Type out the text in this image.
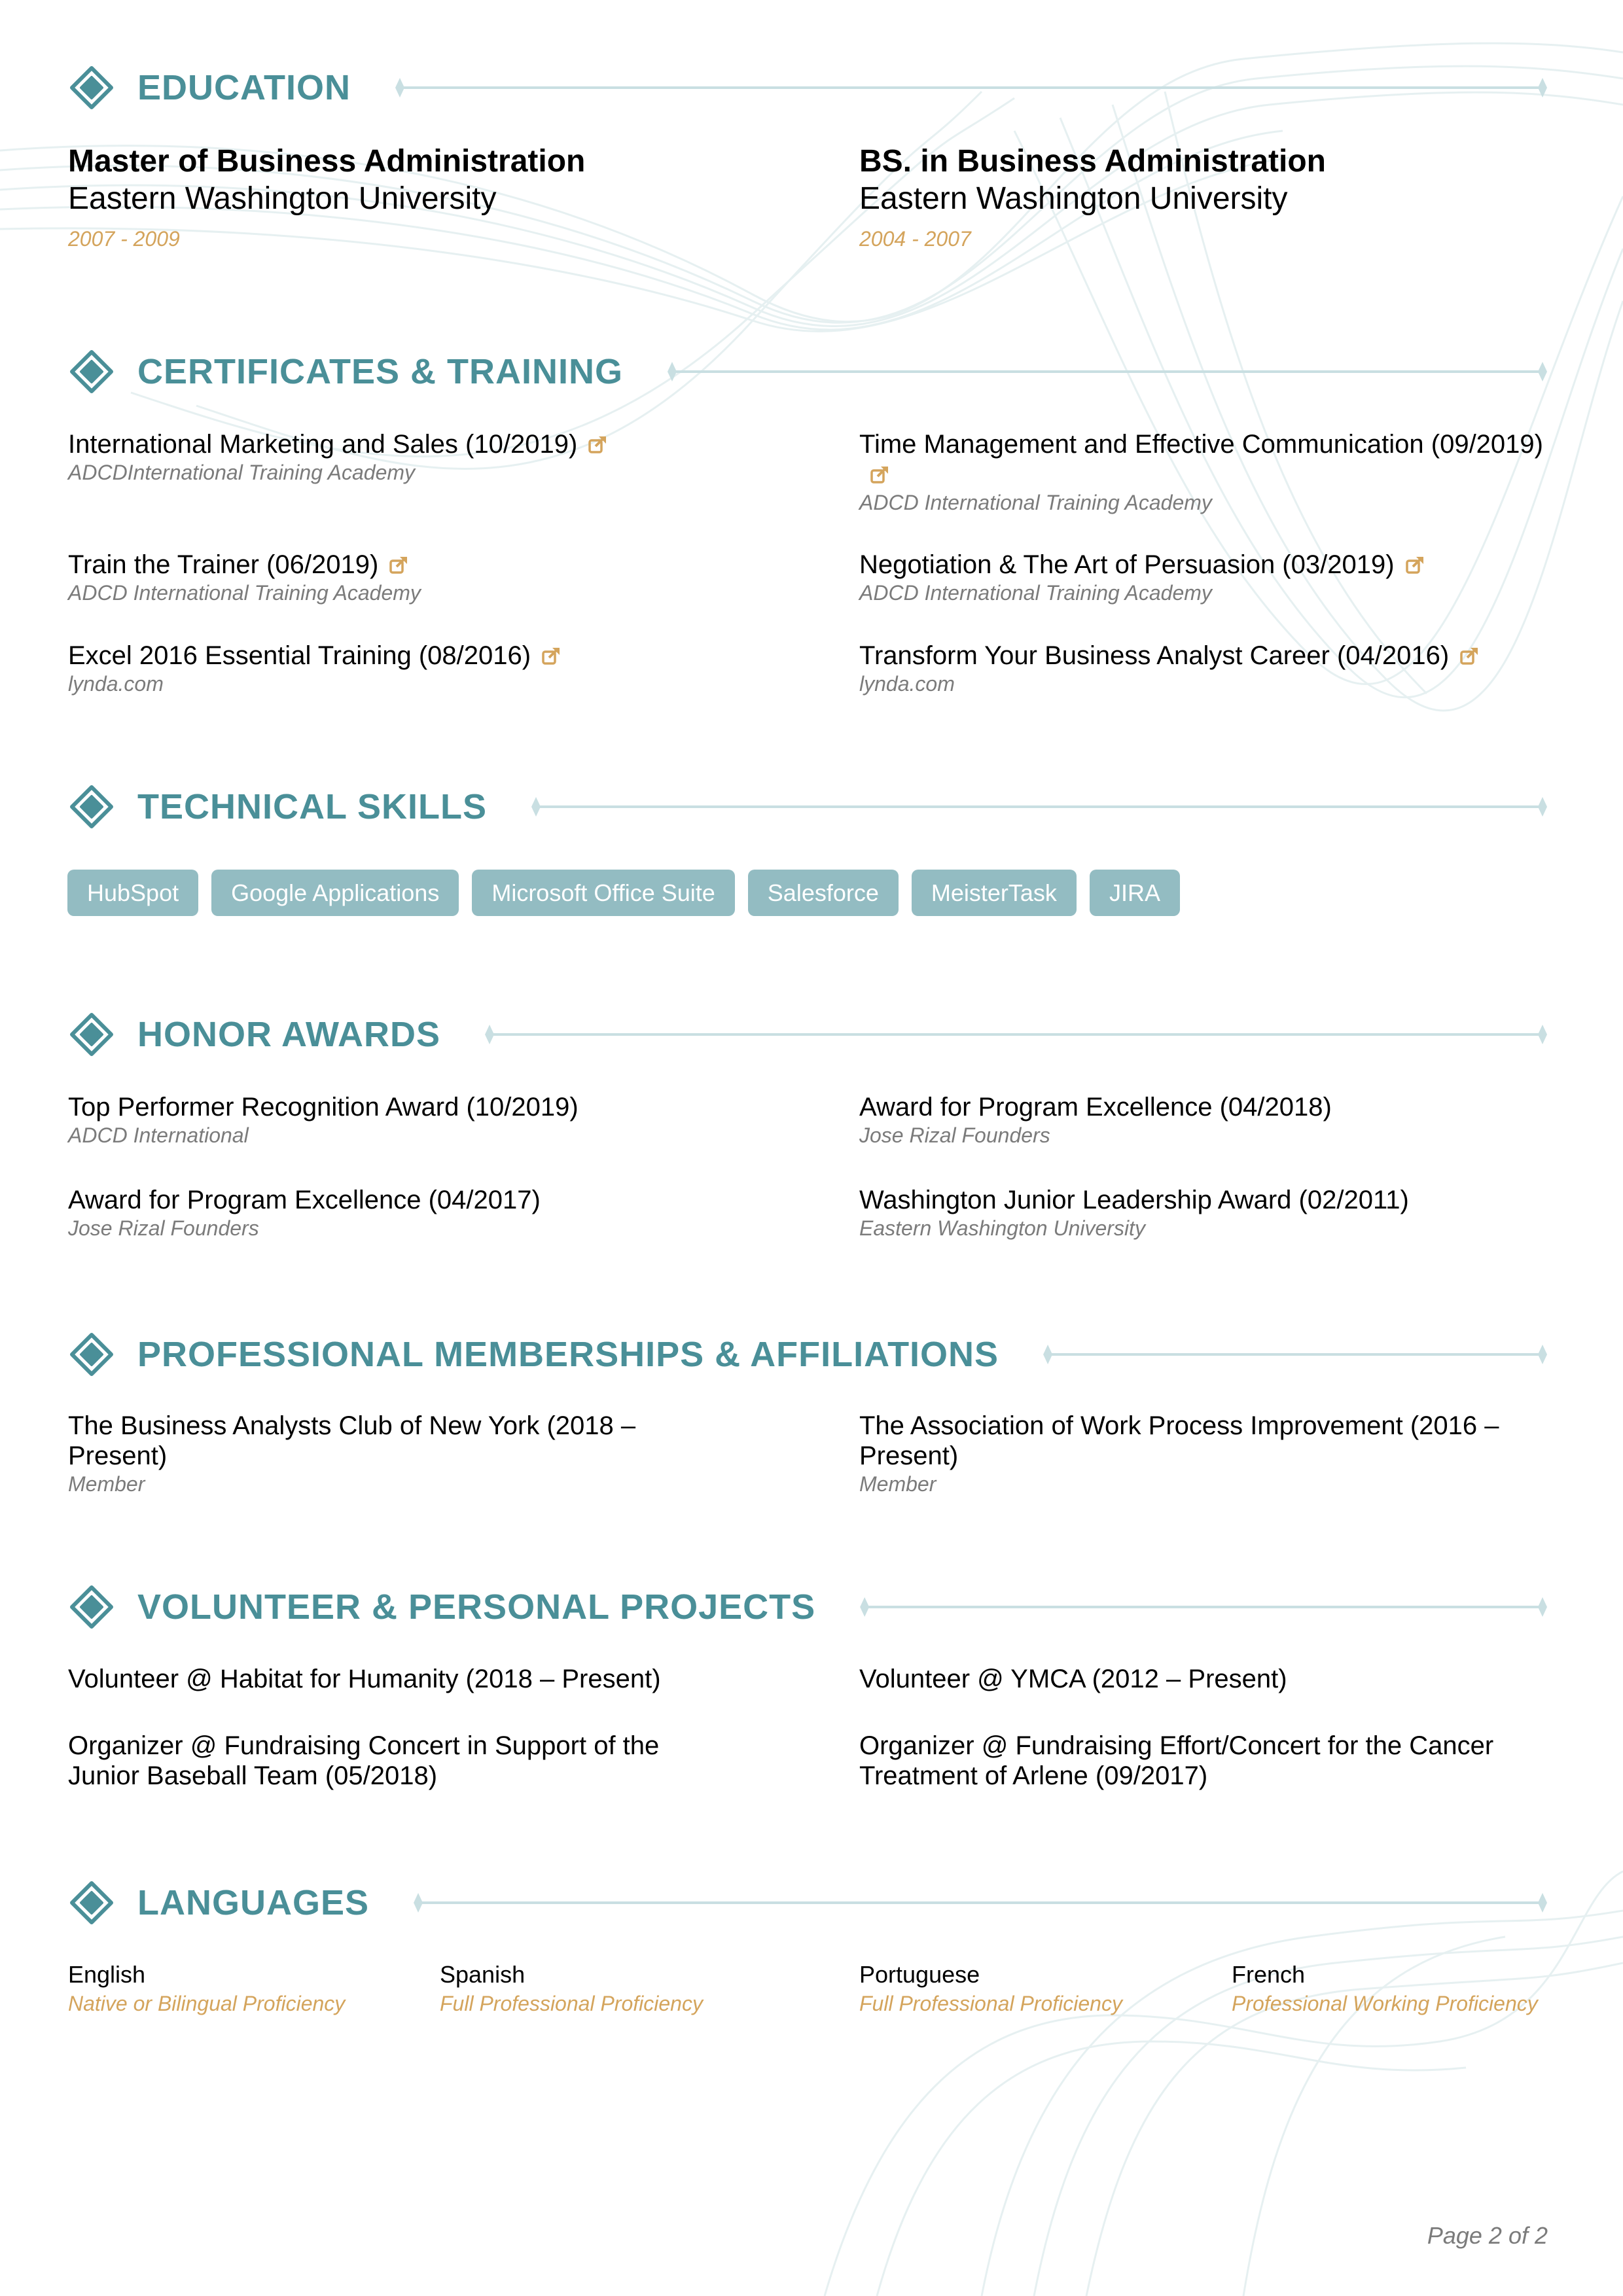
EDUCATION
Master of Business Administration
Eastern Washington University
2007 - 2009
BS. in Business Administration
Eastern Washington University
2004 - 2007
CERTIFICATES & TRAINING
International Marketing and Sales (10/2019)
ADCDInternational Training Academy
Time Management and Effective Communication (09/2019)
ADCD International Training Academy
Train the Trainer (06/2019)
ADCD International Training Academy
Negotiation & The Art of Persuasion (03/2019)
ADCD International Training Academy
Excel 2016 Essential Training (08/2016)
lynda.com
Transform Your Business Analyst Career (04/2016)
lynda.com
TECHNICAL SKILLS
HubSpot	Google Applications	Microsoft Office Suite	Salesforce	MeisterTask	JIRA
HONOR AWARDS
Top Performer Recognition Award (10/2019)
ADCD International
Award for Program Excellence (04/2018)
Jose Rizal Founders
Award for Program Excellence (04/2017)
Jose Rizal Founders
Washington Junior Leadership Award (02/2011)
Eastern Washington University
PROFESSIONAL MEMBERSHIPS & AFFILIATIONS
The Business Analysts Club of New York (2018 – Present)
Member
The Association of Work Process Improvement (2016 – Present)
Member
VOLUNTEER & PERSONAL PROJECTS
Volunteer @ Habitat for Humanity (2018 – Present)	Volunteer @ YMCA (2012 – Present)
Organizer @ Fundraising Concert in Support of the Junior Baseball Team (05/2018)
Organizer @ Fundraising Effort/Concert for the Cancer Treatment of Arlene (09/2017)
LANGUAGES
English
Native or Bilingual Proficiency
Spanish
Full Professional Proficiency
Portuguese
Full Professional Proficiency
French
Professional Working Proficiency
Page 2 of 2
